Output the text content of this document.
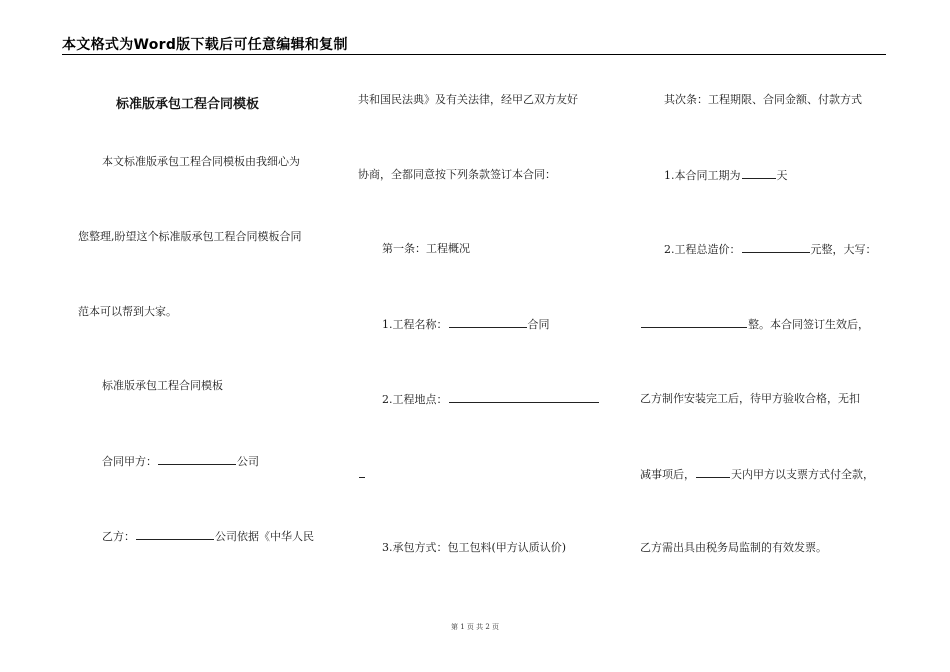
本文格式为Word版下载后可任意编辑和复制
标准版承包工程合同模板
本文标准版承包工程合同模板由我细心为
您整理,盼望这个标准版承包工程合同模板合同
范本可以帮到大家。
标准版承包工程合同模板
合同甲方：	公司
乙方：	公司依据《中华人民
共和国民法典》及有关法律，经甲乙双方友好
协商，全都同意按下列条款签订本合同：
第一条：工程概况
1.工程名称：	合同
2.工程地点：
3.承包方式：包工包料(甲方认质认价)
其次条：工程期限、合同金额、付款方式
1.本合同工期为	天
2.工程总造价：	元整，大写：
整。本合同签订生效后，
乙方制作安装完工后，待甲方验收合格，无扣
减事项后，	天内甲方以支票方式付全款，
乙方需出具由税务局监制的有效发票。
第 1 页 共 2 页
